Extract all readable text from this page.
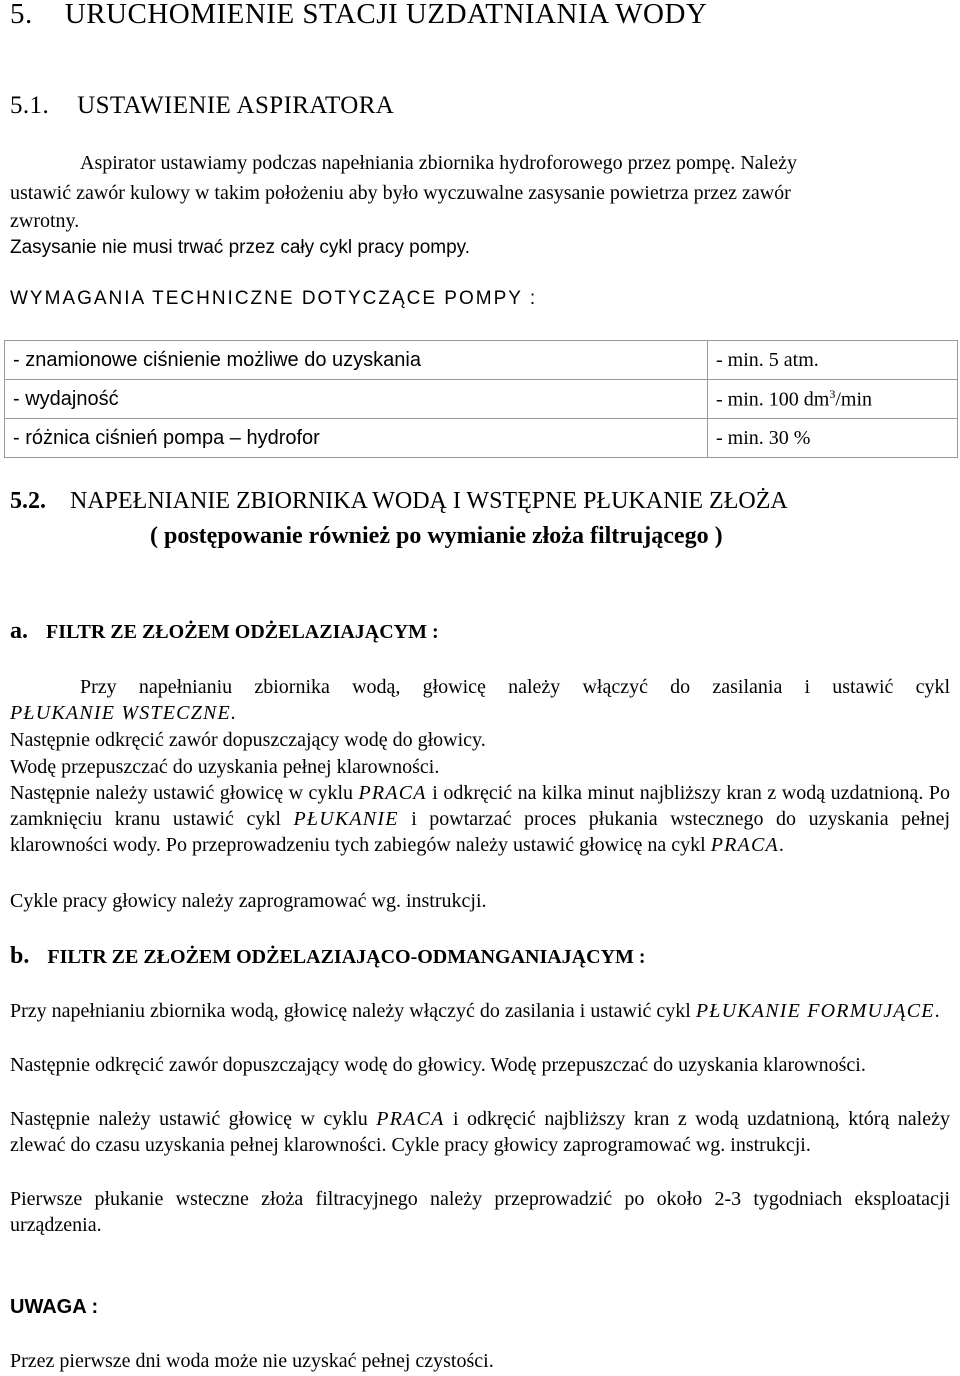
5. URUCHOMIENIE STACJI UZDATNIANIA WODY
5.1. USTAWIENIE ASPIRATORA
Aspirator ustawiamy podczas napełniania zbiornika hydroforowego przez pompę. Należy
ustawić zawór kulowy w takim położeniu aby było wyczuwalne zasysanie powietrza przez zawór
zwrotny.
Zasysanie nie musi trwać przez cały cykl pracy pompy.
WYMAGANIA TECHNICZNE DOTYCZĄCE POMPY :
- znamionowe ciśnienie możliwe do uzyskania	- min. 5 atm.
- wydajność	- min. 100 $dm^3/\min$
- różnica ciśnień pompa – hydrofor	- min. 30 %
5.2. NAPEŁNIANIE ZBIORNIKA WODĄ I WSTĘPNE PŁUKANIE ZŁOŻA
( postępowanie również po wymianie złoża filtrującego )
a. FILTR ZE ZŁOŻEM ODŻELAZIAJĄCYM :
Przy napełnianiu zbiornika wodą, głowicę należy włączyć do zasilania i ustawić cykl
PŁUKANIE WSTECZNE.
Następnie odkręcić zawór dopuszczający wodę do głowicy.
Wodę przepuszczać do uzyskania pełnej klarowności.
Następnie należy ustawić głowicę w cyklu PRACA i odkręcić na kilka minut najbliższy kran z wodą uzdatnioną. Po zamknięciu kranu ustawić cykl PŁUKANIE i powtarzać proces płukania wstecznego do uzyskania pełnej klarowności wody. Po przeprowadzeniu tych zabiegów należy ustawić głowicę na cykl PRACA.
Cykle pracy głowicy należy zaprogramować wg. instrukcji.
b. FILTR ZE ZŁOŻEM ODŻELAZIAJĄCO-ODMANGANIAJĄCYM :
Przy napełnianiu zbiornika wodą, głowicę należy włączyć do zasilania i ustawić cykl PŁUKANIE FORMUJĄCE.
Następnie odkręcić zawór dopuszczający wodę do głowicy. Wodę przepuszczać do uzyskania klarowności.
Następnie należy ustawić głowicę w cyklu PRACA i odkręcić najbliższy kran z wodą uzdatnioną, którą należy zlewać do czasu uzyskania pełnej klarowności. Cykle pracy głowicy zaprogramować wg. instrukcji.
Pierwsze płukanie wsteczne złoża filtracyjnego należy przeprowadzić po około 2-3 tygodniach eksploatacji urządzenia.
UWAGA :
Przez pierwsze dni woda może nie uzyskać pełnej czystości.
